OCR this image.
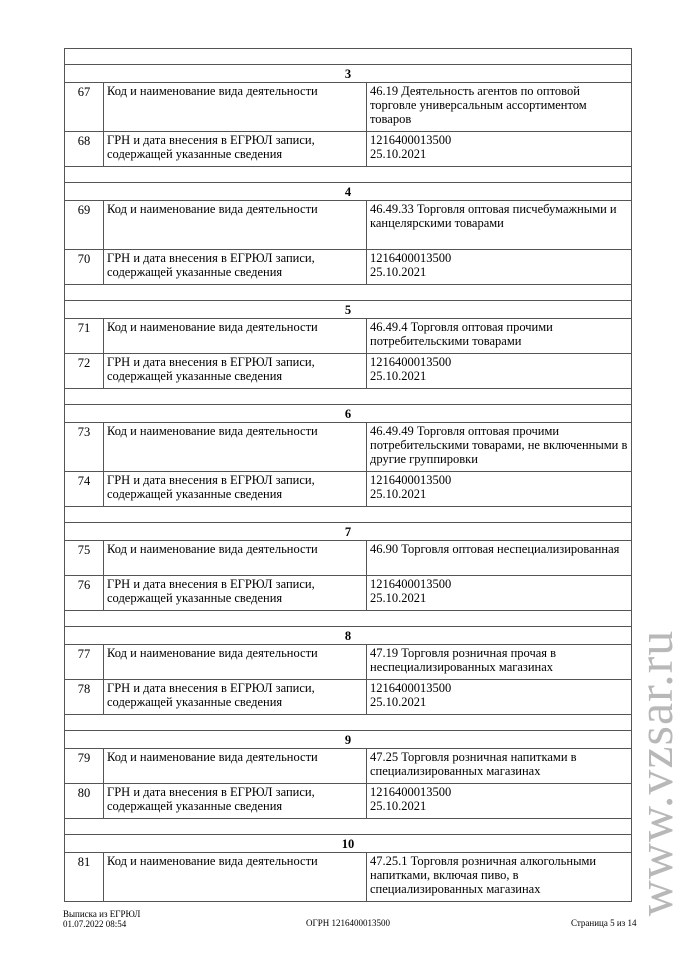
3		
67	Код и наименование вида деятельности	46.19 Деятельность агентов по оптовой торговле универсальным ассортиментом товаров
68	ГРН и дата внесения в ЕГРЮЛ записи, содержащей указанные сведения	1216400013500
25.10.2021

4		
69	Код и наименование вида деятельности	46.49.33 Торговля оптовая писчебумажными и канцелярскими товарами
70	ГРН и дата внесения в ЕГРЮЛ записи, содержащей указанные сведения	1216400013500
25.10.2021

5		
71	Код и наименование вида деятельности	46.49.4 Торговля оптовая прочими потребительскими товарами
72	ГРН и дата внесения в ЕГРЮЛ записи, содержащей указанные сведения	1216400013500
25.10.2021

6		
73	Код и наименование вида деятельности	46.49.49 Торговля оптовая прочими потребительскими товарами, не включенными в другие группировки
74	ГРН и дата внесения в ЕГРЮЛ записи, содержащей указанные сведения	1216400013500
25.10.2021

7		
75	Код и наименование вида деятельности	46.90 Торговля оптовая неспециализированная
76	ГРН и дата внесения в ЕГРЮЛ записи, содержащей указанные сведения	1216400013500
25.10.2021

8		
77	Код и наименование вида деятельности	47.19 Торговля розничная прочая в неспециализированных магазинах
78	ГРН и дата внесения в ЕГРЮЛ записи, содержащей указанные сведения	1216400013500
25.10.2021

9		
79	Код и наименование вида деятельности	47.25 Торговля розничная напитками в специализированных магазинах
80	ГРН и дата внесения в ЕГРЮЛ записи, содержащей указанные сведения	1216400013500
25.10.2021

10		
81	Код и наименование вида деятельности	47.25.1 Торговля розничная алкогольными напитками, включая пиво, в специализированных магазинах
Выписка из ЕГРЮЛ
01.07.2022 08:54	ОГРН 1216400013500	Страница 5 из 14
www.vzsar.ru
